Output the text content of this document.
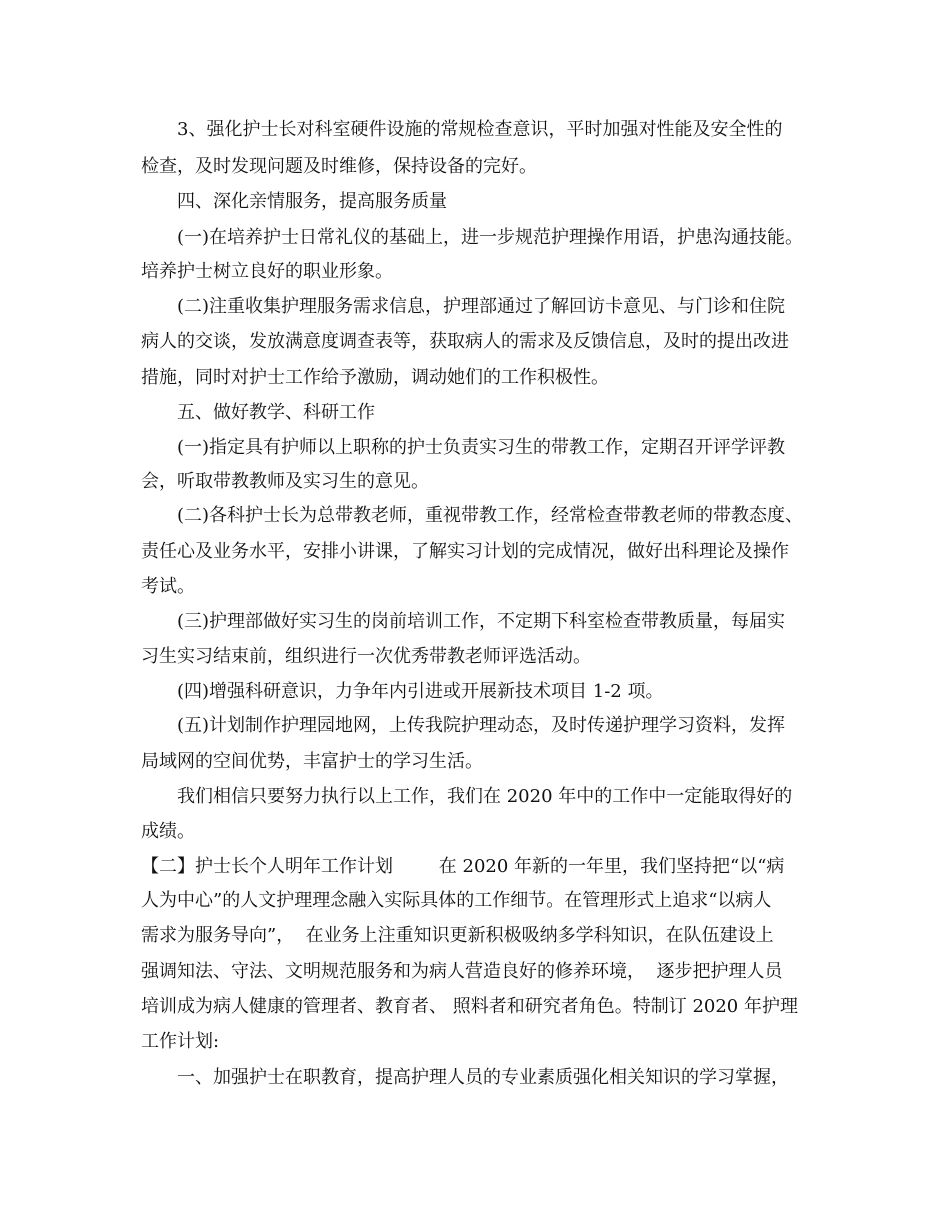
3、强化护士长对科室硬件设施的常规检查意识，平时加强对性能及安全性的
检查，及时发现问题及时维修，保持设备的完好。
四、深化亲情服务，提高服务质量
(一)在培养护士日常礼仪的基础上，进一步规范护理操作用语，护患沟通技能。
培养护士树立良好的职业形象。
(二)注重收集护理服务需求信息，护理部通过了解回访卡意见、与门诊和住院
病人的交谈，发放满意度调查表等，获取病人的需求及反馈信息，及时的提出改进
措施，同时对护士工作给予激励，调动她们的工作积极性。
五、做好教学、科研工作
(一)指定具有护师以上职称的护士负责实习生的带教工作，定期召开评学评教
会，听取带教教师及实习生的意见。
(二)各科护士长为总带教老师，重视带教工作，经常检查带教老师的带教态度、
责任心及业务水平，安排小讲课，了解实习计划的完成情况，做好出科理论及操作
考试。
(三)护理部做好实习生的岗前培训工作，不定期下科室检查带教质量，每届实
习生实习结束前，组织进行一次优秀带教老师评选活动。
(四)增强科研意识，力争年内引进或开展新技术项目 1-2 项。
(五)计划制作护理园地网，上传我院护理动态，及时传递护理学习资料，发挥
局域网的空间优势，丰富护士的学习生活。
我们相信只要努力执行以上工作，我们在 2020 年中的工作中一定能取得好的
成绩。
【二】护士长个人明年工作计划        在 2020 年新的一年里，我们坚持把“以“病
人为中心”的人文护理理念融入实际具体的工作细节。在管理形式上追求“以病人
需求为服务导向”，  在业务上注重知识更新积极吸纳多学科知识，在队伍建设上
强调知法、守法、文明规范服务和为病人营造良好的修养环境，  逐步把护理人员
培训成为病人健康的管理者、教育者、 照料者和研究者角色。特制订 2020 年护理
工作计划:
一、加强护士在职教育，提高护理人员的专业素质强化相关知识的学习掌握，
